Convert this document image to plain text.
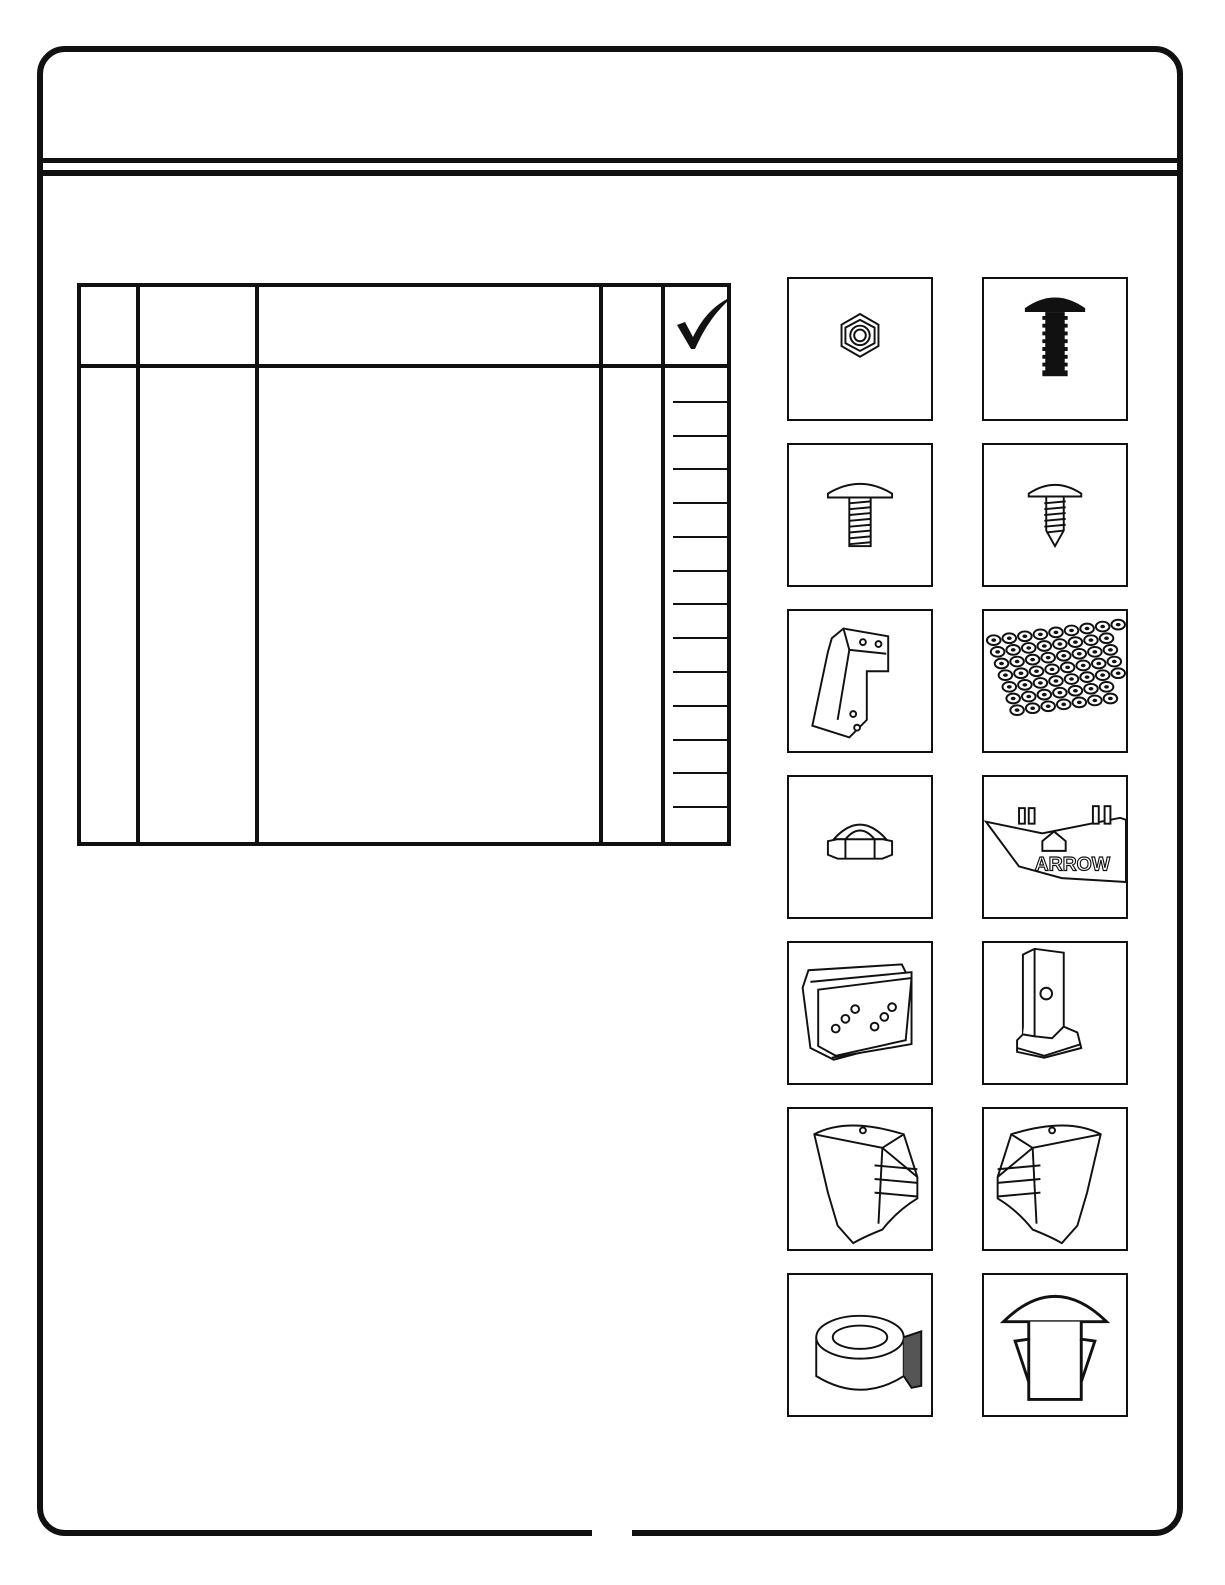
ARROW
